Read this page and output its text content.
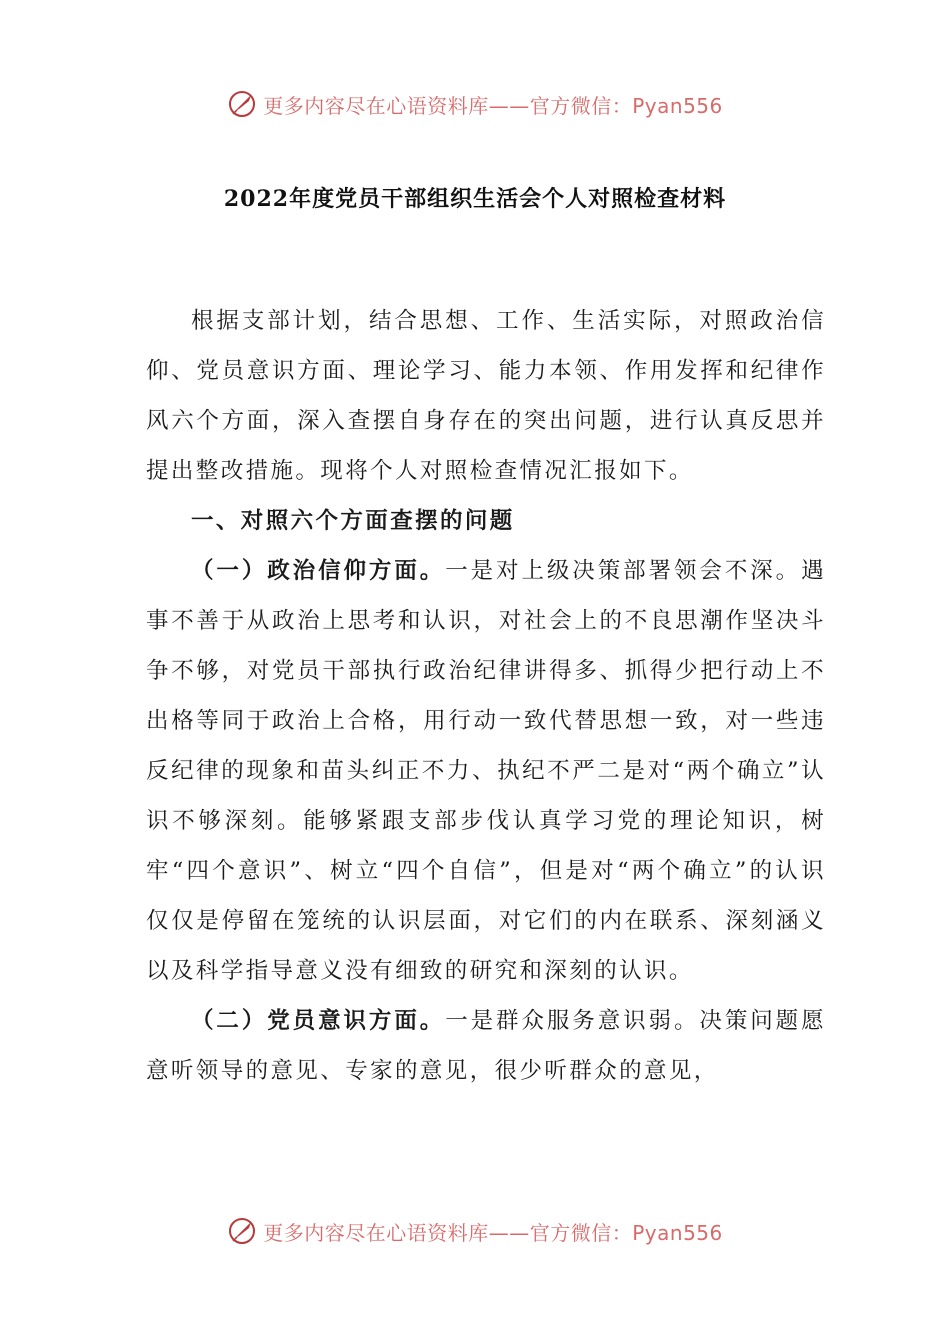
更多内容尽在心语资料库——官方微信：Pyan556
2022年度党员干部组织生活会个人对照检查材料

根据支部计划，结合思想、工作、生活实际，对照政治信仰、党员意识方面、理论学习、能力本领、作用发挥和纪律作风六个方面，深入查摆自身存在的突出问题，进行认真反思并提出整改措施。现将个人对照检查情况汇报如下。

一、对照六个方面查摆的问题

（一）政治信仰方面。一是对上级决策部署领会不深。遇事不善于从政治上思考和认识，对社会上的不良思潮作坚决斗争不够，对党员干部执行政治纪律讲得多、抓得少把行动上不出格等同于政治上合格，用行动一致代替思想一致，对一些违反纪律的现象和苗头纠正不力、执纪不严二是对“两个确立”认识不够深刻。能够紧跟支部步伐认真学习党的理论知识，树牢“四个意识”、树立“四个自信”，但是对“两个确立”的认识仅仅是停留在笼统的认识层面，对它们的内在联系、深刻涵义以及科学指导意义没有细致的研究和深刻的认识。

（二）党员意识方面。一是群众服务意识弱。决策问题愿意听领导的意见、专家的意见，很少听群众的意见，

更多内容尽在心语资料库——官方微信：Pyan556
